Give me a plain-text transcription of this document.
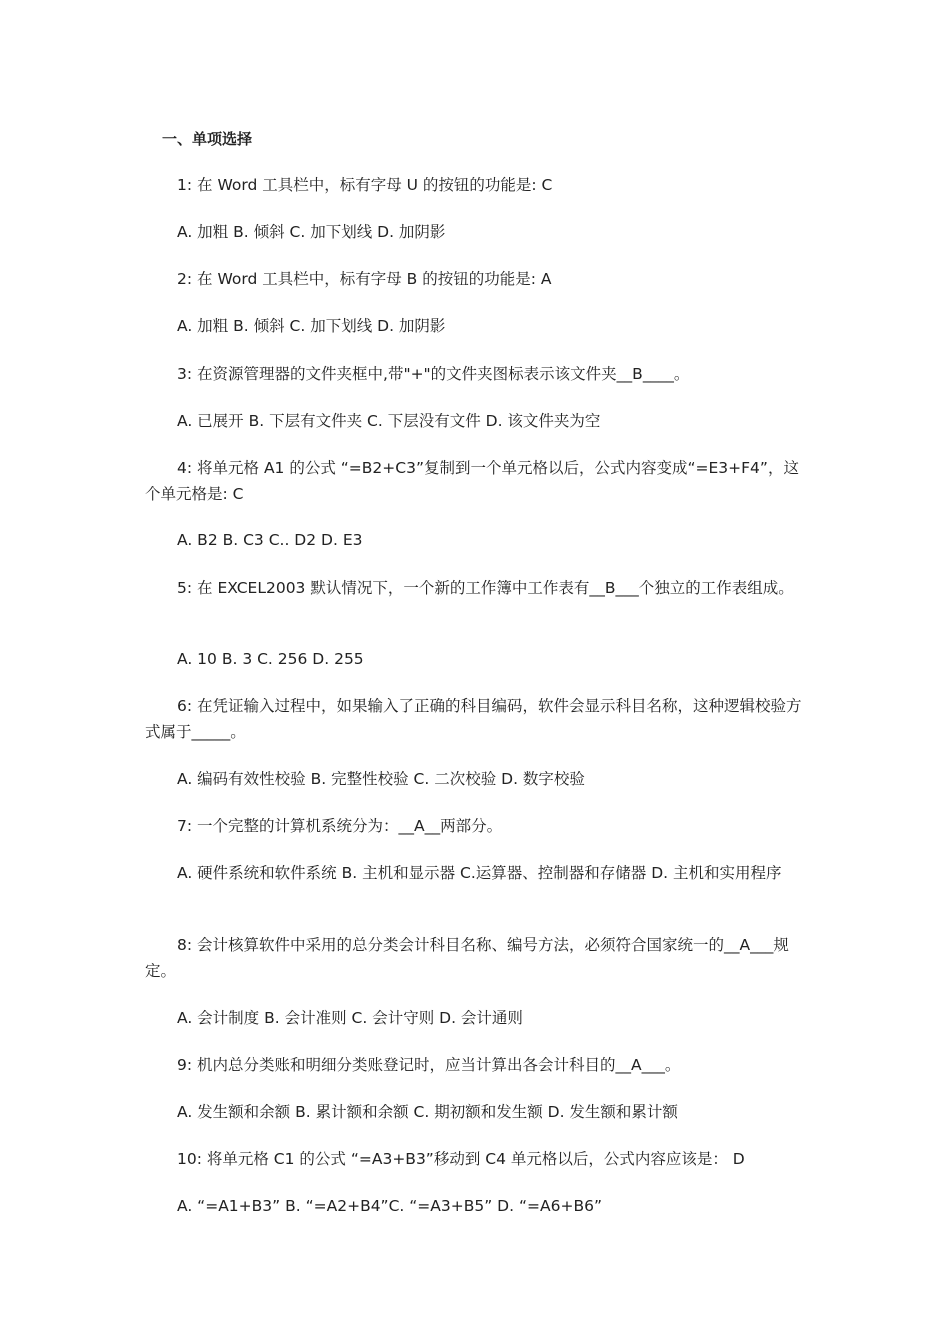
一、单项选择
1: 在 Word 工具栏中，标有字母 U 的按钮的功能是: C
A. 加粗 B. 倾斜 C. 加下划线 D. 加阴影
2: 在 Word 工具栏中，标有字母 B 的按钮的功能是: A
A. 加粗 B. 倾斜 C. 加下划线 D. 加阴影
3: 在资源管理器的文件夹框中,带"+"的文件夹图标表示该文件夹__B____。
A. 已展开 B. 下层有文件夹 C. 下层没有文件 D. 该文件夹为空
4: 将单元格 A1 的公式 “=B2+C3”复制到一个单元格以后，公式内容变成“=E3+F4”，这个单元格是: C
A. B2 B. C3 C.. D2 D. E3
5: 在 EXCEL2003 默认情况下，一个新的工作簿中工作表有__B___个独立的工作表组成。
A. 10 B. 3 C. 256 D. 255
6: 在凭证输入过程中，如果输入了正确的科目编码，软件会显示科目名称，这种逻辑校验方式属于_____。
A. 编码有效性校验 B. 完整性校验 C. 二次校验 D. 数字校验
7: 一个完整的计算机系统分为：__A__两部分。
A. 硬件系统和软件系统 B. 主机和显示器 C.运算器、控制器和存储器 D. 主机和实用程序
8: 会计核算软件中采用的总分类会计科目名称、编号方法，必须符合国家统一的__A___规定。
A. 会计制度 B. 会计准则 C. 会计守则 D. 会计通则
9: 机内总分类账和明细分类账登记时，应当计算出各会计科目的__A___。
A. 发生额和余额 B. 累计额和余额 C. 期初额和发生额 D. 发生额和累计额
10: 将单元格 C1 的公式 “=A3+B3”移动到 C4 单元格以后，公式内容应该是： D
A. “=A1+B3” B. “=A2+B4”C. “=A3+B5” D. “=A6+B6”
